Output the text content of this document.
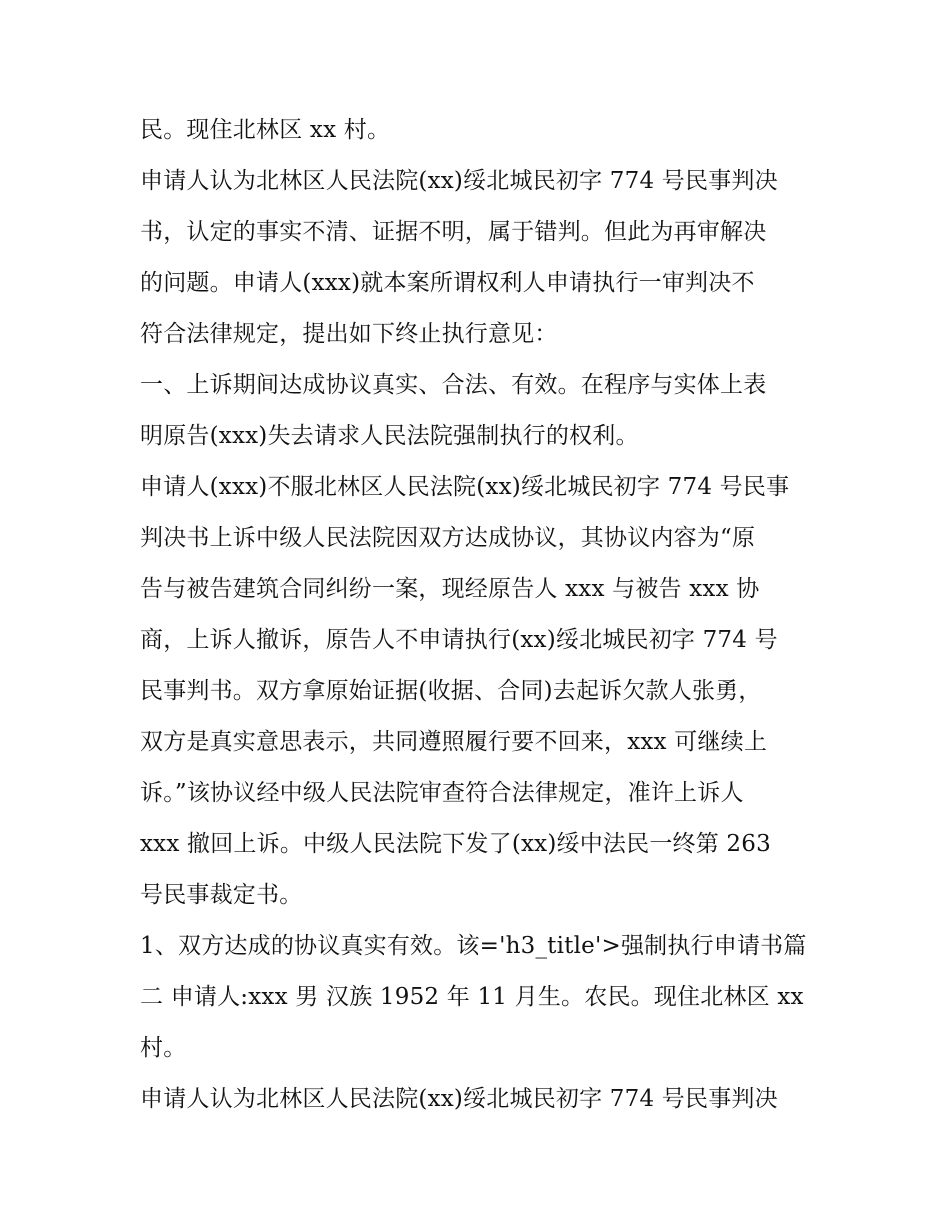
民。现住北林区 xx 村。
申请人认为北林区人民法院(xx)绥北城民初字 774 号民事判决
书，认定的事实不清、证据不明，属于错判。但此为再审解决
的问题。申请人(xxx)就本案所谓权利人申请执行一审判决不
符合法律规定，提出如下终止执行意见：
一、上诉期间达成协议真实、合法、有效。在程序与实体上表
明原告(xxx)失去请求人民法院强制执行的权利。
申请人(xxx)不服北林区人民法院(xx)绥北城民初字 774 号民事
判决书上诉中级人民法院因双方达成协议，其协议内容为“原
告与被告建筑合同纠纷一案，现经原告人 xxx 与被告 xxx 协
商，上诉人撤诉，原告人不申请执行(xx)绥北城民初字 774 号
民事判书。双方拿原始证据(收据、合同)去起诉欠款人张勇，
双方是真实意思表示，共同遵照履行要不回来，xxx 可继续上
诉。”该协议经中级人民法院审查符合法律规定，准许上诉人
xxx 撤回上诉。中级人民法院下发了(xx)绥中法民一终第 263
号民事裁定书。
1、双方达成的协议真实有效。该='h3_title'>强制执行申请书篇
二 申请人:xxx 男 汉族 1952 年 11 月生。农民。现住北林区 xx
村。
申请人认为北林区人民法院(xx)绥北城民初字 774 号民事判决
